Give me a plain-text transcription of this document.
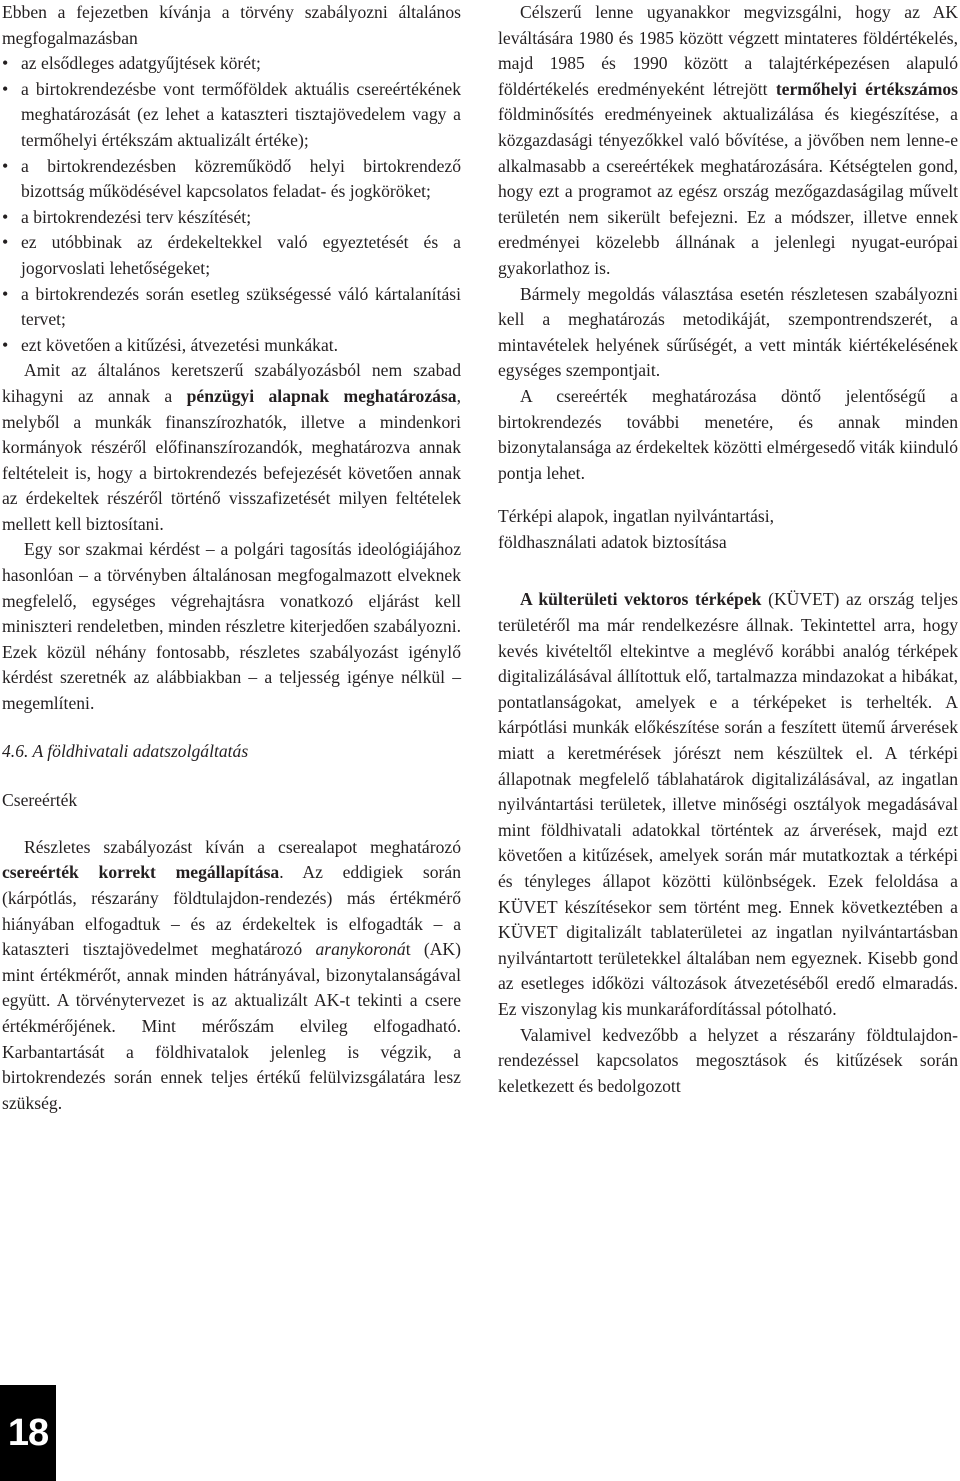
Ebben a fejezetben kívánja a törvény szabályozni általános megfogalmazásban

• az elsődleges adatgyűjtések körét;
• a birtokrendezésbe vont termőföldek aktuális csereértékének meghatározását (ez lehet a kataszteri tisztajövedelem vagy a termőhelyi értékszám aktualizált értéke);
• a birtokrendezésben közreműködő helyi birtokrendező bizottság működésével kapcsolatos feladat- és jogköröket;
• a birtokrendezési terv készítését;
• ez utóbbinak az érdekeltekkel való egyeztetését és a jogorvoslati lehetőségeket;
• a birtokrendezés során esetleg szükségessé váló kártalanítási tervet;
• ezt követően a kitűzési, átvezetési munkákat.

Amit az általános keretszerű szabályozásból nem szabad kihagyni az annak a pénzügyi alapnak meghatározása, melyből a munkák finanszírozhatók, illetve a mindenkori kormányok részéről előfinanszírozandók, meghatározva annak feltételeit is, hogy a birtokrendezés befejezését követően annak az érdekeltek részéről történő visszafizetését milyen feltételek mellett kell biztosítani.

Egy sor szakmai kérdést – a polgári tagosítás ideológiájához hasonlóan – a törvényben általánosan megfogalmazott elveknek megfelelő, egységes végrehajtásra vonatkozó eljárást kell miniszteri rendeletben, minden részletre kiterjedően szabályozni. Ezek közül néhány fontosabb, részletes szabályozást igénylő kérdést szeretnék az alábbiakban – a teljesség igénye nélkül – megemlíteni.

4.6. A földhivatali adatszolgáltatás

Csereérték

Részletes szabályozást kíván a cserealapot meghatározó csereérték korrekt megállapítása. Az eddigiek során (kárpótlás, részarány földtulajdon-rendezés) más értékmérő hiányában elfogadtuk – és az érdekeltek is elfogadták – a kataszteri tisztajövedelmet meghatározó aranykoronát (AK) mint értékmérőt, annak minden hátrányával, bizonytalanságával együtt. A törvénytervezet is az aktualizált AK-t tekinti a csere értékmérőjének. Mint mérőszám elvileg elfogadható. Karbantartását a földhivatalok jelenleg is végzik, a birtokrendezés során ennek teljes értékű felülvizsgálatára lesz szükség.

Célszerű lenne ugyanakkor megvizsgálni, hogy az AK leváltására 1980 és 1985 között végzett mintateres földértékelés, majd 1985 és 1990 között a talajtérképezésen alapuló földértékelés eredményeként létrejött termőhelyi értékszámos földminősítés eredményeinek aktualizálása és kiegészítése, a közgazdasági tényezőkkel való bővítése, a jövőben nem lenne-e alkalmasabb a csereértékek meghatározására. Kétségtelen gond, hogy ezt a programot az egész ország mezőgazdaságilag művelt területén nem sikerült befejezni. Ez a módszer, illetve ennek eredményei közelebb állnának a jelenlegi nyugat-európai gyakorlathoz is.

Bármely megoldás választása esetén részletesen szabályozni kell a meghatározás metodikáját, szempontrendszerét, a mintavételek helyének sűrűségét, a vett minták kiértékelésének egységes szempontjait.

A csereérték meghatározása döntő jelentőségű a birtokrendezés további menetére, és annak minden bizonytalansága az érdekeltek közötti elmérgesedő viták kiinduló pontja lehet.

Térképi alapok, ingatlan nyilvántartási,
földhasználati adatok biztosítása

A külterületi vektoros térképek (KÜVET) az ország teljes területéről ma már rendelkezésre állnak. Tekintettel arra, hogy kevés kivételtől eltekintve a meglévő korábbi analóg térképek digitalizálásával állítottuk elő, tartalmazza mindazokat a hibákat, pontatlanságokat, amelyek e a térképeket is terhelték. A kárpótlási munkák előkészítése során a feszített ütemű árverések miatt a keretmérések jórészt nem készültek el. A térképi állapotnak megfelelő táblahatárok digitalizálásával, az ingatlan nyilvántartási területek, illetve minőségi osztályok megadásával mint földhivatali adatokkal történtek az árverések, majd ezt követően a kitűzések, amelyek során már mutatkoztak a térképi és tényleges állapot közötti különbségek. Ezek feloldása a KÜVET készítésekor sem történt meg. Ennek következtében a KÜVET digitalizált tablaterületei az ingatlan nyilvántartásban nyilvántartott területekkel általában nem egyeznek. Kisebb gond az esetleges időközi változások átvezetéséből eredő elmaradás. Ez viszonylag kis munkaráfordítással pótolható.

Valamivel kedvezőbb a helyzet a részarány földtulajdon-rendezéssel kapcsolatos megosztások és kitűzések során keletkezett és bedolgozott

18
